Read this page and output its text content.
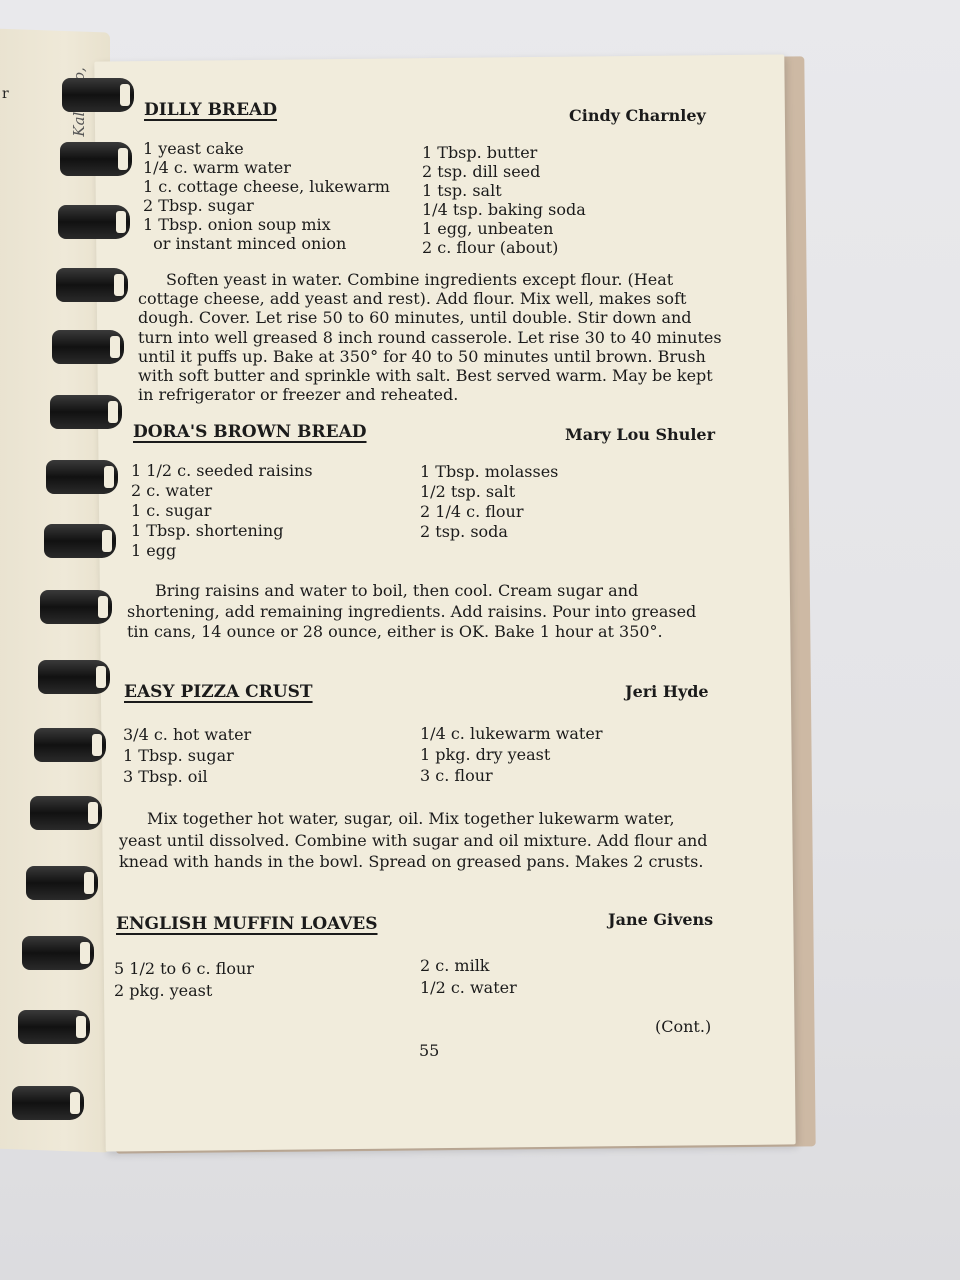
r
DILLY BREAD	Cindy Charnley
1 yeast cake
1/4 c. warm water
1 c. cottage cheese, lukewarm
2 Tbsp. sugar
1 Tbsp. onion soup mix
or instant minced onion
1 Tbsp. butter
2 tsp. dill seed
1 tsp. salt
1/4 tsp. baking soda
1 egg, unbeaten
2 c. flour (about)
Soften yeast in water. Combine ingredients except flour. (Heat cottage cheese, add yeast and rest). Add flour. Mix well, makes soft dough. Cover. Let rise 50 to 60 minutes, until double. Stir down and turn into well greased 8 inch round casserole. Let rise 30 to 40 minutes until it puffs up. Bake at 350° for 40 to 50 minutes until brown. Brush with soft butter and sprinkle with salt. Best served warm. May be kept in refrigerator or freezer and reheated.
DORA'S BROWN BREAD	Mary Lou Shuler
1 1/2 c. seeded raisins
2 c. water
1 c. sugar
1 Tbsp. shortening
1 egg
1 Tbsp. molasses
1/2 tsp. salt
2 1/4 c. flour
2 tsp. soda
Bring raisins and water to boil, then cool. Cream sugar and shortening, add remaining ingredients. Add raisins. Pour into greased tin cans, 14 ounce or 28 ounce, either is OK. Bake 1 hour at 350°.
EASY PIZZA CRUST	Jeri Hyde
3/4 c. hot water
1 Tbsp. sugar
3 Tbsp. oil
1/4 c. lukewarm water
1 pkg. dry yeast
3 c. flour
Mix together hot water, sugar, oil. Mix together lukewarm water, yeast until dissolved. Combine with sugar and oil mixture. Add flour and knead with hands in the bowl. Spread on greased pans. Makes 2 crusts.
ENGLISH MUFFIN LOAVES	Jane Givens
5 1/2 to 6 c. flour
2 pkg. yeast
2 c. milk
1/2 c. water
(Cont.)
55
